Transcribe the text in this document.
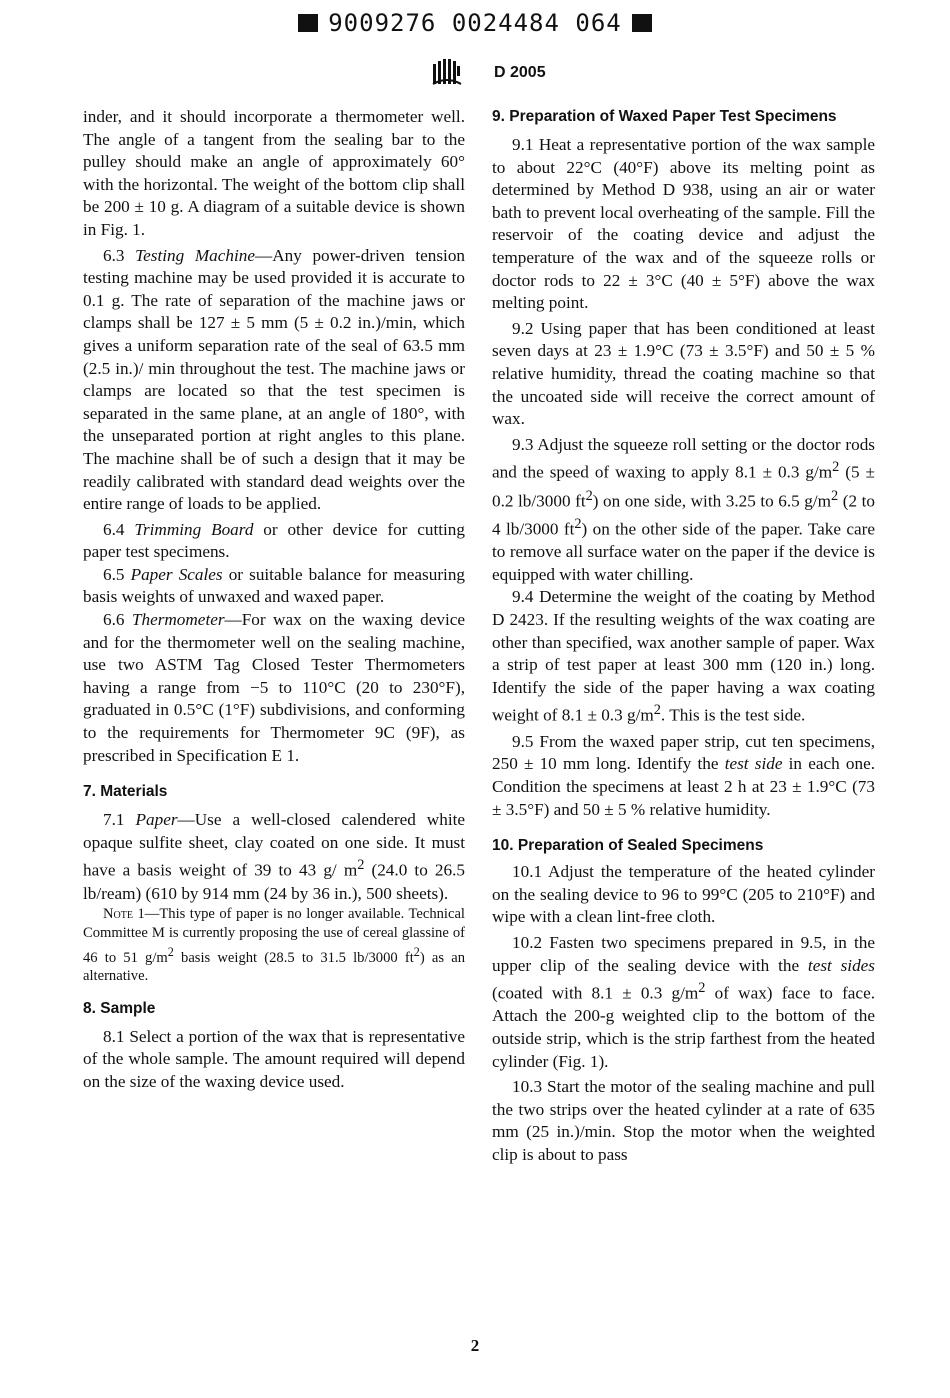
9009276 0024484 064
D 2005

inder, and it should incorporate a thermometer well. The angle of a tangent from the sealing bar to the pulley should make an angle of approximately 60° with the horizontal. The weight of the bottom clip shall be 200 ± 10 g. A diagram of a suitable device is shown in Fig. 1.

6.3 Testing Machine—Any power-driven tension testing machine may be used provided it is accurate to 0.1 g. The rate of separation of the machine jaws or clamps shall be 127 ± 5 mm (5 ± 0.2 in.)/min, which gives a uniform separation rate of the seal of 63.5 mm (2.5 in.)/ min throughout the test. The machine jaws or clamps are located so that the test specimen is separated in the same plane, at an angle of 180°, with the unseparated portion at right angles to this plane. The machine shall be of such a design that it may be readily calibrated with standard dead weights over the entire range of loads to be applied.

6.4 Trimming Board or other device for cutting paper test specimens.

6.5 Paper Scales or suitable balance for measuring basis weights of unwaxed and waxed paper.

6.6 Thermometer—For wax on the waxing device and for the thermometer well on the sealing machine, use two ASTM Tag Closed Tester Thermometers having a range from −5 to 110°C (20 to 230°F), graduated in 0.5°C (1°F) subdivisions, and conforming to the requirements for Thermometer 9C (9F), as prescribed in Specification E 1.

7. Materials

7.1 Paper—Use a well-closed calendered white opaque sulfite sheet, clay coated on one side. It must have a basis weight of 39 to 43 g/ $m^2$ (24.0 to 26.5 lb/ream) (610 by 914 mm (24 by 36 in.), 500 sheets).

Note 1—This type of paper is no longer available. Technical Committee M is currently proposing the use of cereal glassine of 46 to 51 $g/m^2$ basis weight (28.5 to 31.5 lb/3000 $ft^2$) as an alternative.

8. Sample

8.1 Select a portion of the wax that is representative of the whole sample. The amount required will depend on the size of the waxing device used.

9. Preparation of Waxed Paper Test Specimens

9.1 Heat a representative portion of the wax sample to about 22°C (40°F) above its melting point as determined by Method D 938, using an air or water bath to prevent local overheating of the sample. Fill the reservoir of the coating device and adjust the temperature of the wax and of the squeeze rolls or doctor rods to 22 ± 3°C (40 ± 5°F) above the wax melting point.

9.2 Using paper that has been conditioned at least seven days at 23 ± 1.9°C (73 ± 3.5°F) and 50 ± 5 % relative humidity, thread the coating machine so that the uncoated side will receive the correct amount of wax.

9.3 Adjust the squeeze roll setting or the doctor rods and the speed of waxing to apply 8.1 ± 0.3 $g/m^2$ (5 ± 0.2 lb/3000 $ft^2$) on one side, with 3.25 to 6.5 $g/m^2$ (2 to 4 lb/3000 $ft^2$) on the other side of the paper. Take care to remove all surface water on the paper if the device is equipped with water chilling.

9.4 Determine the weight of the coating by Method D 2423. If the resulting weights of the wax coating are other than specified, wax another sample of paper. Wax a strip of test paper at least 300 mm (120 in.) long. Identify the side of the paper having a wax coating weight of 8.1 ± 0.3 $g/m^2$. This is the test side.

9.5 From the waxed paper strip, cut ten specimens, 250 ± 10 mm long. Identify the test side in each one. Condition the specimens at least 2 h at 23 ± 1.9°C (73 ± 3.5°F) and 50 ± 5 % relative humidity.

10. Preparation of Sealed Specimens

10.1 Adjust the temperature of the heated cylinder on the sealing device to 96 to 99°C (205 to 210°F) and wipe with a clean lint-free cloth.

10.2 Fasten two specimens prepared in 9.5, in the upper clip of the sealing device with the test sides (coated with 8.1 ± 0.3 $g/m^2$ of wax) face to face. Attach the 200-g weighted clip to the bottom of the outside strip, which is the strip farthest from the heated cylinder (Fig. 1).

10.3 Start the motor of the sealing machine and pull the two strips over the heated cylinder at a rate of 635 mm (25 in.)/min. Stop the motor when the weighted clip is about to pass

2
